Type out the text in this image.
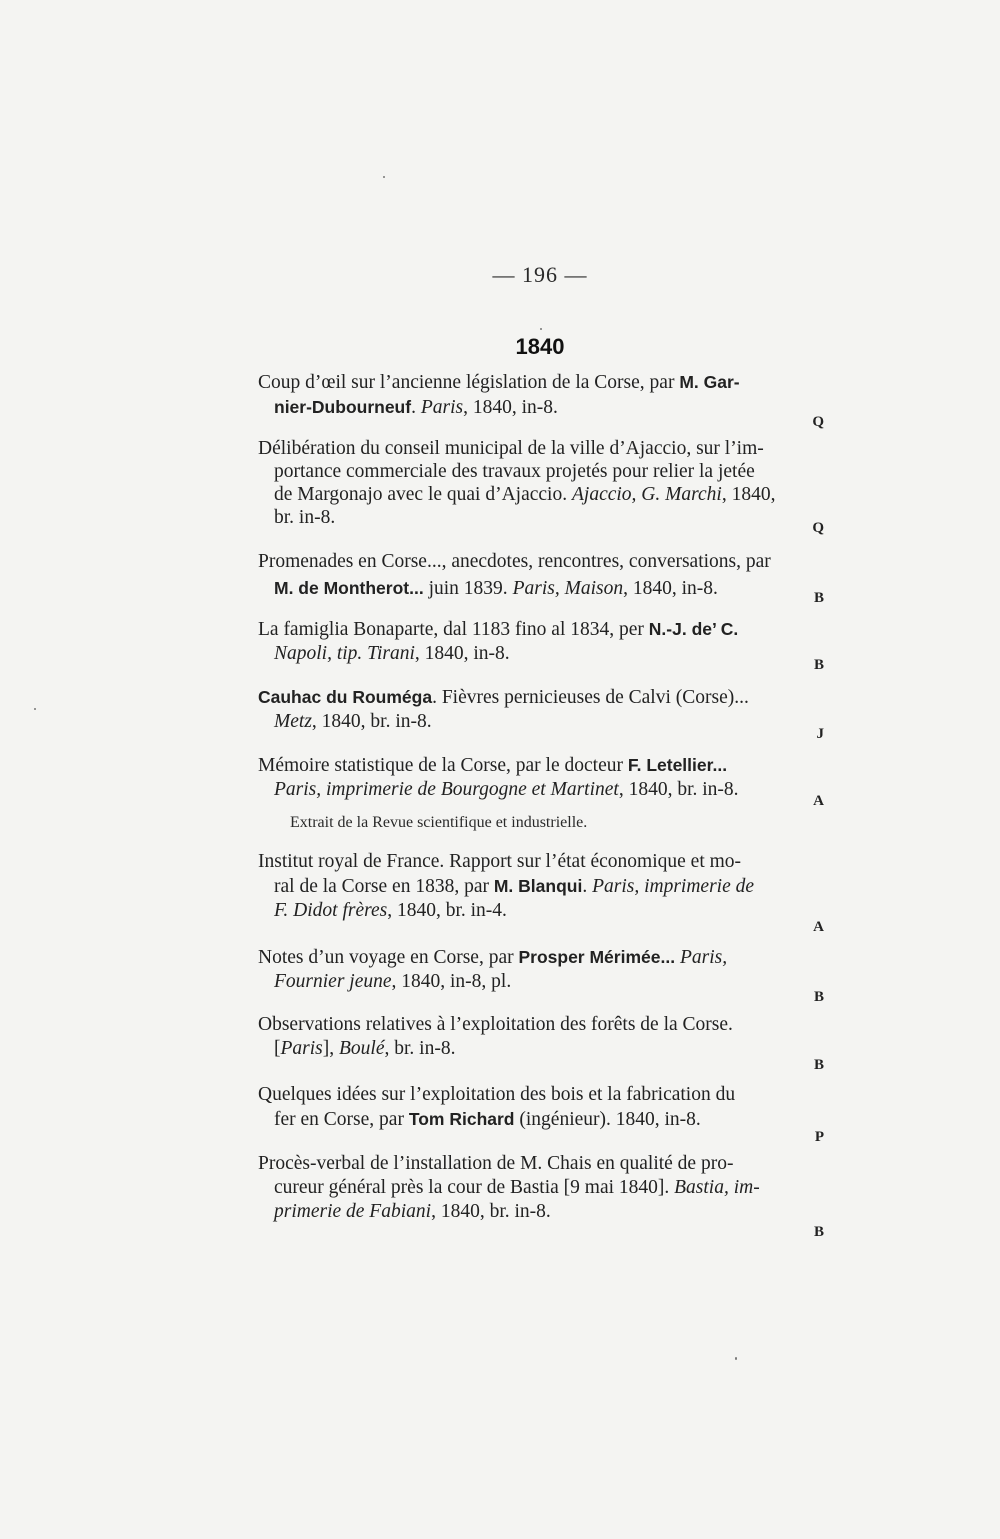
— 196 —
1840
Coup d’œil sur l’ancienne législation de la Corse, par M. Gar-
nier-Dubourneuf. Paris, 1840, in-8.
Q
Délibération du conseil municipal de la ville d’Ajaccio, sur l’im-
portance commerciale des travaux projetés pour relier la jetée
de Margonajo avec le quai d’Ajaccio. Ajaccio, G. Marchi, 1840,
br. in-8.	Q
Promenades en Corse..., anecdotes, rencontres, conversations, par
M. de Montherot... juin 1839. Paris, Maison, 1840, in-8.	B
La famiglia Bonaparte, dal 1183 fino al 1834, per N.-J. de’ C.
Napoli, tip. Tirani, 1840, in-8.
B
Cauhac du Rouméga. Fièvres pernicieuses de Calvi (Corse)...
Metz, 1840, br. in-8.
J
Mémoire statistique de la Corse, par le docteur F. Letellier...
Paris, imprimerie de Bourgogne et Martinet, 1840, br. in-8.
A
Extrait de la Revue scientifique et industrielle.
Institut royal de France. Rapport sur l’état économique et mo-
ral de la Corse en 1838, par M. Blanqui. Paris, imprimerie de
F. Didot frères, 1840, br. in-4.
A
Notes d’un voyage en Corse, par Prosper Mérimée... Paris,
Fournier jeune, 1840, in-8, pl.
B
Observations relatives à l’exploitation des forêts de la Corse.
[Paris], Boulé, br. in-8.
B
Quelques idées sur l’exploitation des bois et la fabrication du
fer en Corse, par Tom Richard (ingénieur). 1840, in-8.
P
Procès-verbal de l’installation de M. Chais en qualité de pro-
cureur général près la cour de Bastia [9 mai 1840]. Bastia, im-
primerie de Fabiani, 1840, br. in-8.
B
